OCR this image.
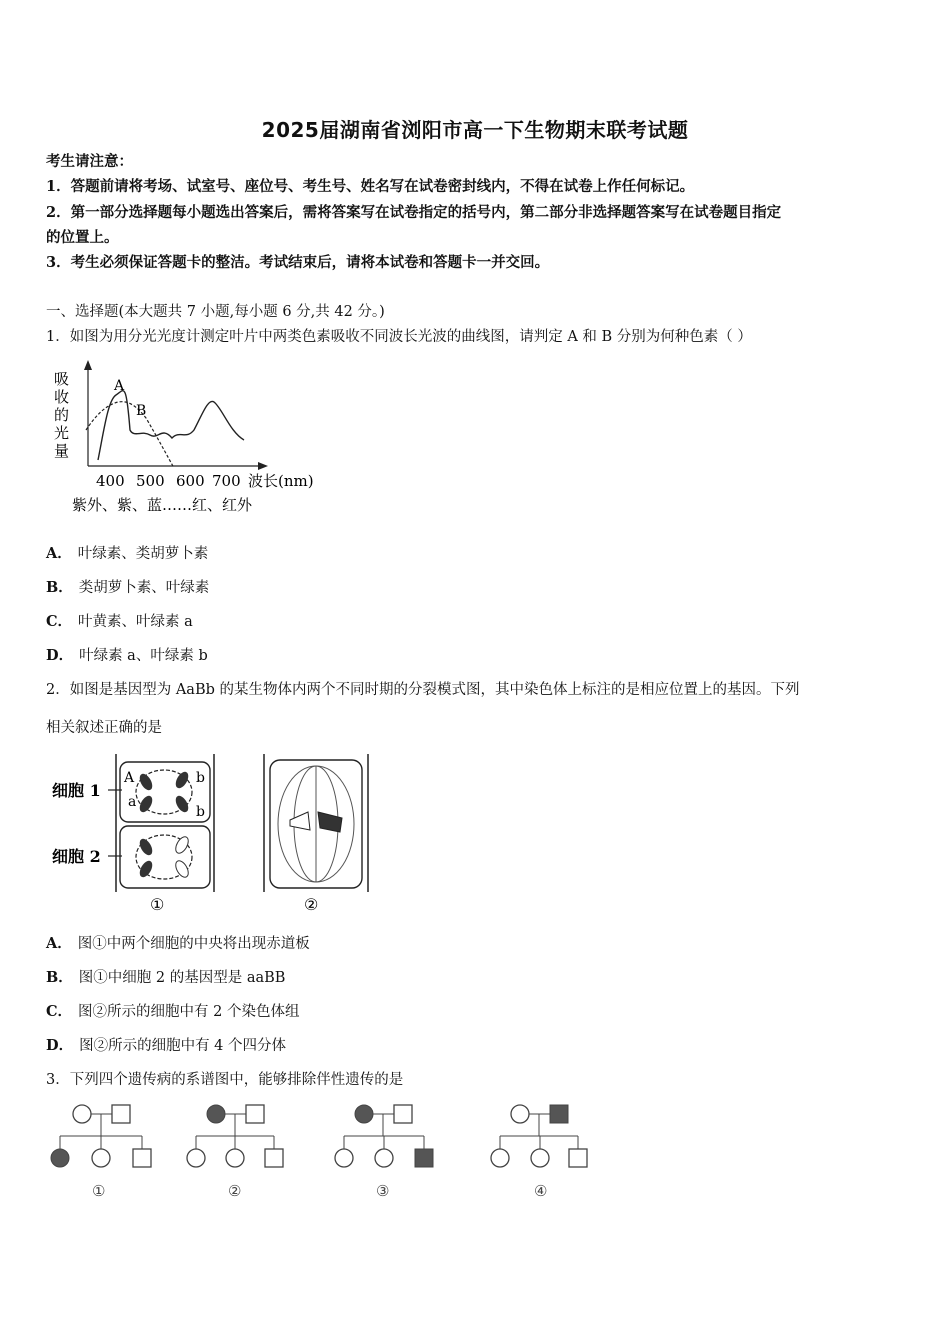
2025届湖南省浏阳市高一下生物期末联考试题
考生请注意：
1．答题前请将考场、试室号、座位号、考生号、姓名写在试卷密封线内，不得在试卷上作任何标记。
2．第一部分选择题每小题选出答案后，需将答案写在试卷指定的括号内，第二部分非选择题答案写在试卷题目指定
的位置上。
3．考生必须保证答题卡的整洁。考试结束后，请将本试卷和答题卡一并交回。
一、选择题(本大题共 7 小题,每小题 6 分,共 42 分。)
1．如图为用分光光度计测定叶片中两类色素吸收不同波长光波的曲线图，请判定 A 和 B 分别为何种色素（ ）
吸
收
的
光
量
A
B
400 500 600 700 波长(nm)
紫外、紫、蓝……红、红外
A． 叶绿素、类胡萝卜素
B． 类胡萝卜素、叶绿素
C． 叶黄素、叶绿素 a
D． 叶绿素 a、叶绿素 b
2．如图是基因型为 AaBb 的某生物体内两个不同时期的分裂模式图，其中染色体上标注的是相应位置上的基因。下列
相关叙述正确的是
细胞 1
细胞 2
A	b
a
b
①	②
A． 图①中两个细胞的中央将出现赤道板
B． 图①中细胞 2 的基因型是 aaBB
C． 图②所示的细胞中有 2 个染色体组
D． 图②所示的细胞中有 4 个四分体
3．下列四个遗传病的系谱图中，能够排除伴性遗传的是
①	②	③	④
